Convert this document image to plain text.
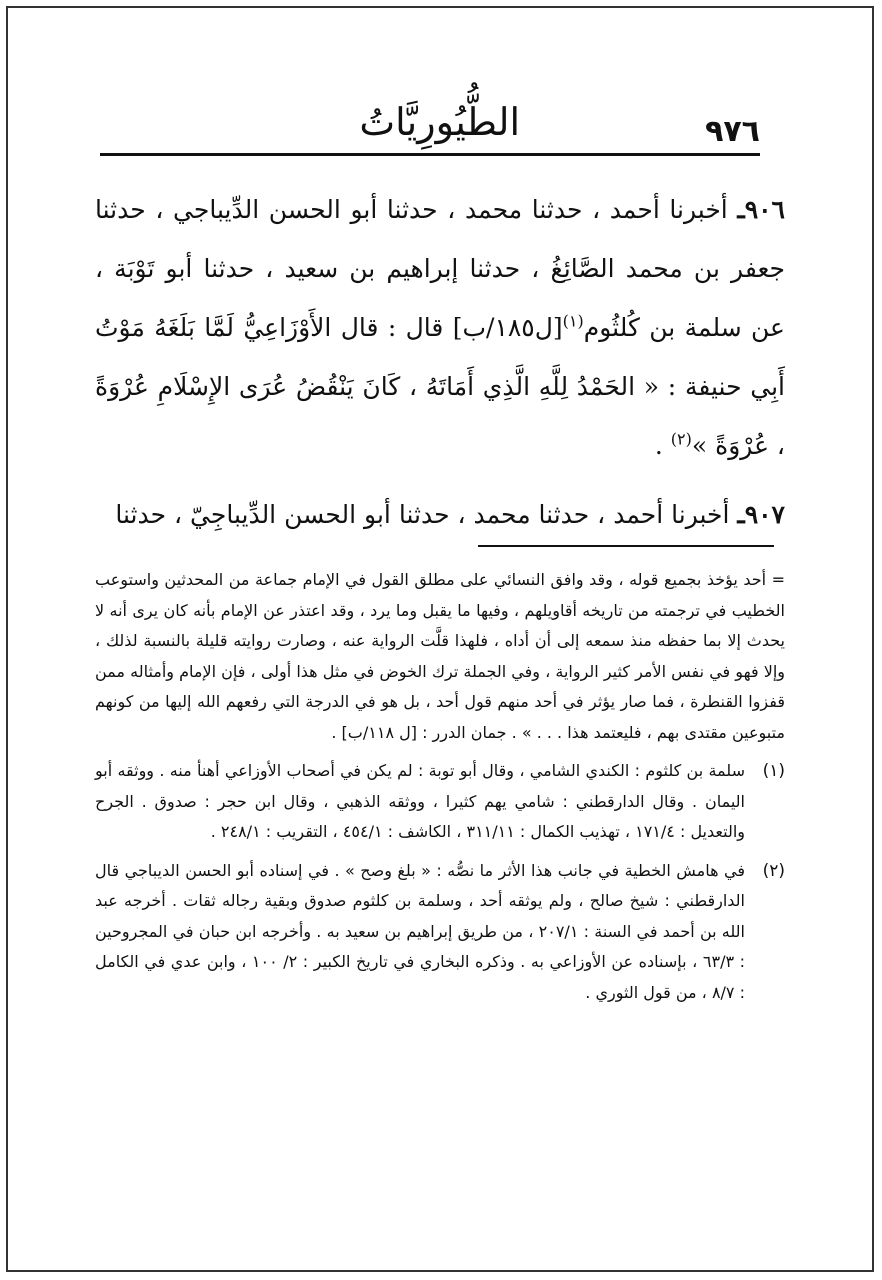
الطُّيُورِيَّاتُ	٩٧٦

٩٠٦ـ أخبرنا أحمد ، حدثنا محمد ، حدثنا أبو الحسن الدِّيباجي ، حدثنا جعفر بن محمد الصَّائِغُ ، حدثنا إبراهيم بن سعيد ، حدثنا أبو تَوْبَة ، عن سلمة بن كُلثُوم$^{(١)}$[ل١٨٥/ب] قال : قال الأَوْزَاعِيُّ لَمَّا بَلَغَهُ مَوْتُ أَبِي حنيفة : « الحَمْدُ لِلَّهِ الَّذِي أَمَاتَهُ ، كَانَ يَنْقُضُ عُرَى الإِسْلَامِ عُرْوَةً ، عُرْوَةً »$^{(٢)}$ .

٩٠٧ـ أخبرنا أحمد ، حدثنا محمد ، حدثنا أبو الحسن الدِّيباجِيّ ، حدثنا

= أحد يؤخذ بجميع قوله ، وقد وافق النسائي على مطلق القول في الإمام جماعة من المحدثين واستوعب الخطيب في ترجمته من تاريخه أقاويلهم ، وفيها ما يقبل وما يرد ، وقد اعتذر عن الإمام بأنه كان يرى أنه لا يحدث إلا بما حفظه منذ سمعه إلى أن أداه ، فلهذا قلَّت الرواية عنه ، وصارت روايته قليلة بالنسبة لذلك ، وإلا فهو في نفس الأمر كثير الرواية ، وفي الجملة ترك الخوض في مثل هذا أولى ، فإن الإمام وأمثاله ممن قفزوا القنطرة ، فما صار يؤثر في أحد منهم قول أحد ، بل هو في الدرجة التي رفعهم الله إليها من كونهم متبوعين مقتدى بهم ، فليعتمد هذا . . . » . جمان الدرر : [ل ١١٨/ب] .

(١)
سلمة بن كلثوم : الكندي الشامي ، وقال أبو توبة : لم يكن في أصحاب الأوزاعي أهنأ منه . ووثقه أبو اليمان . وقال الدارقطني : شامي يهم كثيرا ، ووثقه الذهبي ، وقال ابن حجر : صدوق . الجرح والتعديل : ١٧١/٤ ، تهذيب الكمال : ٣١١/١١ ، الكاشف : ٤٥٤/١ ، التقريب : ٢٤٨/١ .
(٢)
في هامش الخطية في جانب هذا الأثر ما نصُّه : « بلغ وصح » . في إسناده أبو الحسن الديباجي قال الدارقطني : شيخ صالح ، ولم يوثقه أحد ، وسلمة بن كلثوم صدوق وبقية رجاله ثقات . أخرجه عبد الله بن أحمد في السنة : ٢٠٧/١ ، من طريق إبراهيم بن سعيد به . وأخرجه ابن حبان في المجروحين : ٦٣/٣ ، بإسناده عن الأوزاعي به . وذكره البخاري في تاريخ الكبير : ٢/ ١٠٠ ، وابن عدي في الكامل : ٨/٧ ، من قول الثوري .
